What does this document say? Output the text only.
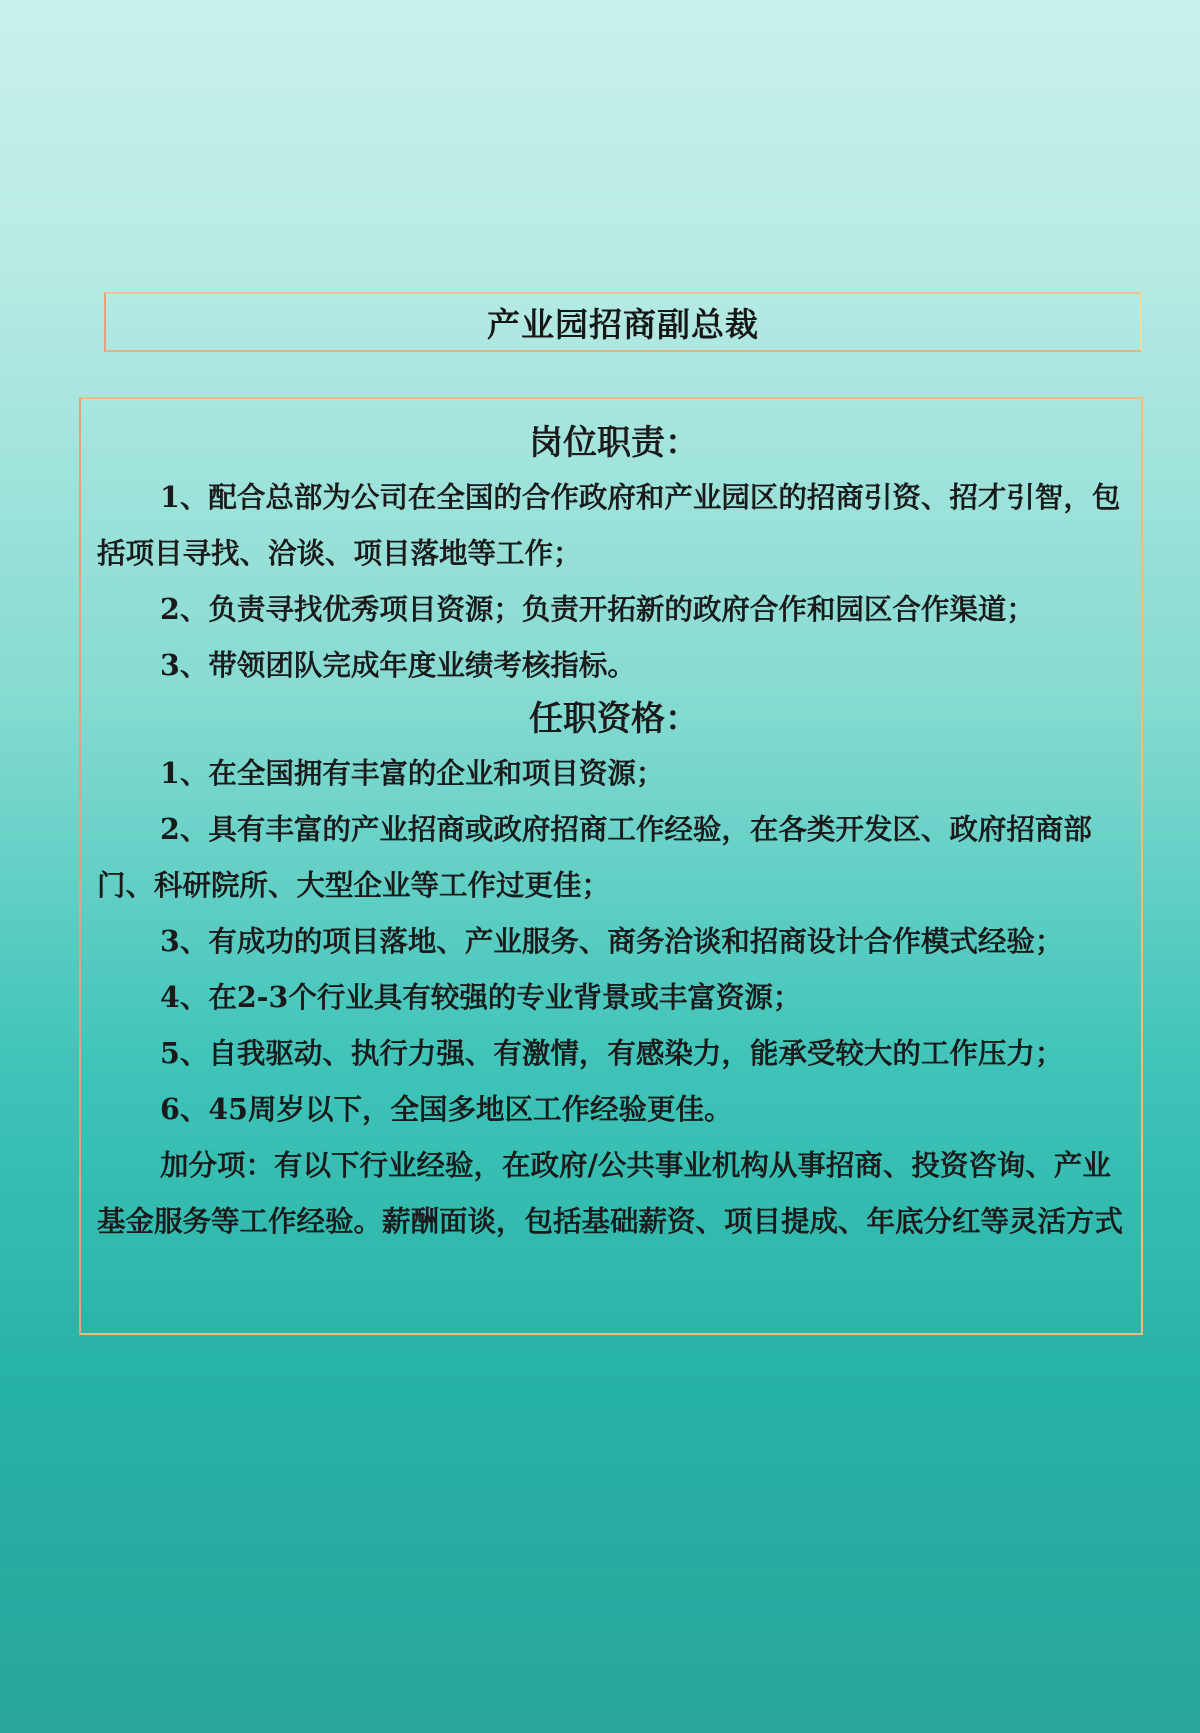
产业园招商副总裁

岗位职责：

1、配合总部为公司在全国的合作政府和产业园区的招商引资、招才引智，包括项目寻找、洽谈、项目落地等工作；

2、负责寻找优秀项目资源；负责开拓新的政府合作和园区合作渠道；

3、带领团队完成年度业绩考核指标。

任职资格：

1、在全国拥有丰富的企业和项目资源；

2、具有丰富的产业招商或政府招商工作经验，在各类开发区、政府招商部门、科研院所、大型企业等工作过更佳；

3、有成功的项目落地、产业服务、商务洽谈和招商设计合作模式经验；

4、在2-3个行业具有较强的专业背景或丰富资源；

5、自我驱动、执行力强、有激情，有感染力，能承受较大的工作压力；

6、45周岁以下，全国多地区工作经验更佳。

加分项：有以下行业经验，在政府/公共事业机构从事招商、投资咨询、产业基金服务等工作经验。薪酬面谈，包括基础薪资、项目提成、年底分红等灵活方式
